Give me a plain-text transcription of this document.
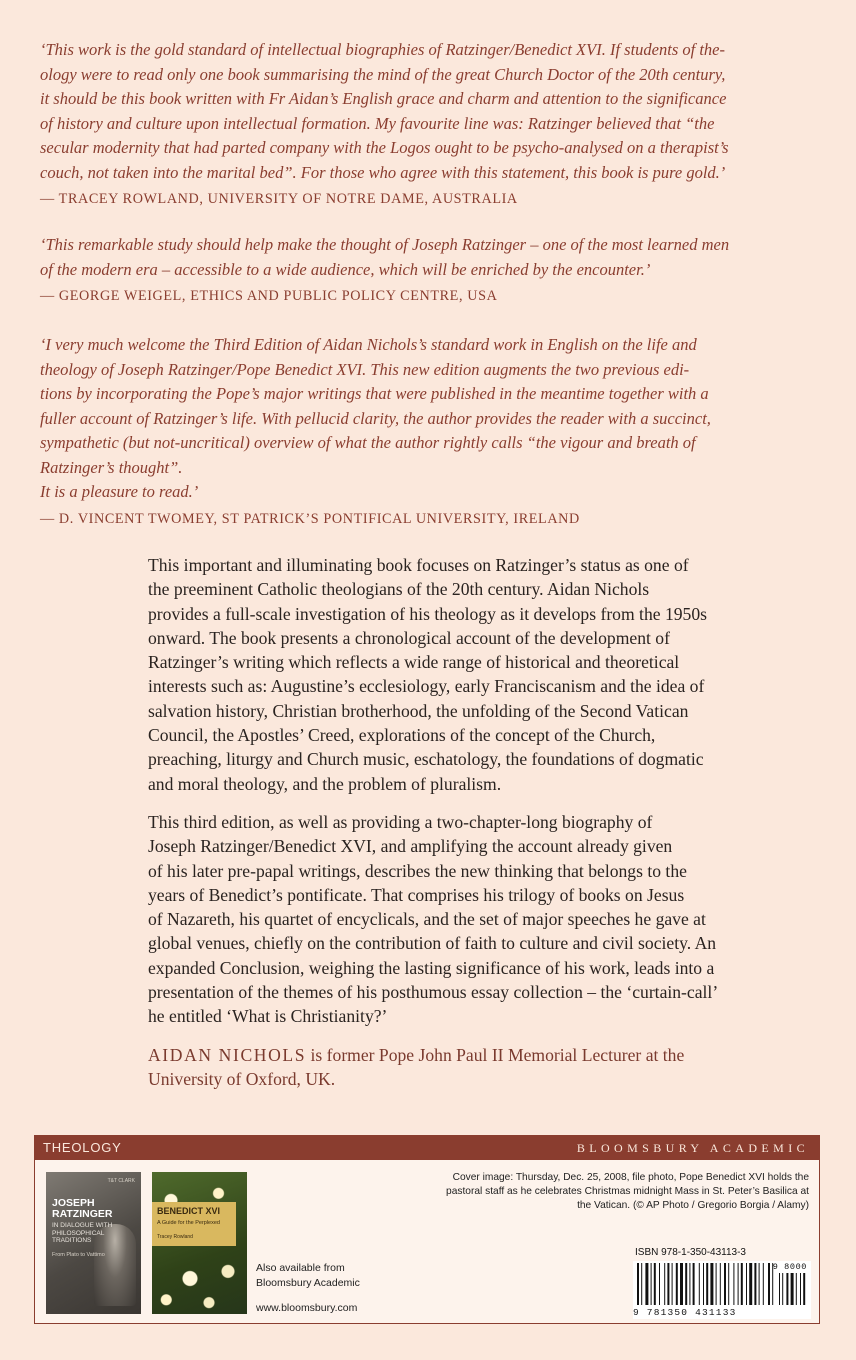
‘This work is the gold standard of intellectual biographies of Ratzinger/Benedict XVI. If students of the-
ology were to read only one book summarising the mind of the great Church Doctor of the 20th century,
it should be this book written with Fr Aidan’s English grace and charm and attention to the significance
of history and culture upon intellectual formation. My favourite line was: Ratzinger believed that “the
secular modernity that had parted company with the Logos ought to be psycho-analysed on a therapist’s
couch, not taken into the marital bed”. For those who agree with this statement, this book is pure gold.’
— TRACEY ROWLAND, UNIVERSITY OF NOTRE DAME, AUSTRALIA
‘This remarkable study should help make the thought of Joseph Ratzinger – one of the most learned men
of the modern era – accessible to a wide audience, which will be enriched by the encounter.’
— GEORGE WEIGEL, ETHICS AND PUBLIC POLICY CENTRE, USA
‘I very much welcome the Third Edition of Aidan Nichols’s standard work in English on the life and
theology of Joseph Ratzinger/Pope Benedict XVI. This new edition augments the two previous edi-
tions by incorporating the Pope’s major writings that were published in the meantime together with a
fuller account of Ratzinger’s life. With pellucid clarity, the author provides the reader with a succinct,
sympathetic (but not-uncritical) overview of what the author rightly calls “the vigour and breath of
Ratzinger’s thought”.
It is a pleasure to read.’
— D. VINCENT TWOMEY, ST PATRICK’S PONTIFICAL UNIVERSITY, IRELAND
This important and illuminating book focuses on Ratzinger’s status as one of
the preeminent Catholic theologians of the 20th century. Aidan Nichols
provides a full-scale investigation of his theology as it develops from the 1950s
onward. The book presents a chronological account of the development of
Ratzinger’s writing which reflects a wide range of historical and theoretical
interests such as: Augustine’s ecclesiology, early Franciscanism and the idea of
salvation history, Christian brotherhood, the unfolding of the Second Vatican
Council, the Apostles’ Creed, explorations of the concept of the Church,
preaching, liturgy and Church music, eschatology, the foundations of dogmatic
and moral theology, and the problem of pluralism.
This third edition, as well as providing a two-chapter-long biography of
Joseph Ratzinger/Benedict XVI, and amplifying the account already given
of his later pre-papal writings, describes the new thinking that belongs to the
years of Benedict’s pontificate. That comprises his trilogy of books on Jesus
of Nazareth, his quartet of encyclicals, and the set of major speeches he gave at
global venues, chiefly on the contribution of faith to culture and civil society. An
expanded Conclusion, weighing the lasting significance of his work, leads into a
presentation of the themes of his posthumous essay collection – the ‘curtain-call’
he entitled ‘What is Christianity?’
AIDAN NICHOLS is former Pope John Paul II Memorial Lecturer at the
University of Oxford, UK.
THEOLOGY	BLOOMSBURY ACADEMIC
T&T CLARK
JOSEPH
RATZINGER
IN DIALOGUE WITH
PHILOSOPHICAL
TRADITIONS
From Plato to Vattimo
BENEDICT XVI
A Guide for the Perplexed
Tracey Rowland
Also available from
Bloomsbury Academic
www.bloomsbury.com
Cover image: Thursday, Dec. 25, 2008, file photo, Pope Benedict XVI holds the
pastoral staff as he celebrates Christmas midnight Mass in St. Peter’s Basilica at
the Vatican. (© AP Photo / Gregorio Borgia / Alamy)
ISBN 978-1-350-43113-3
9 8000
9 781350 431133
